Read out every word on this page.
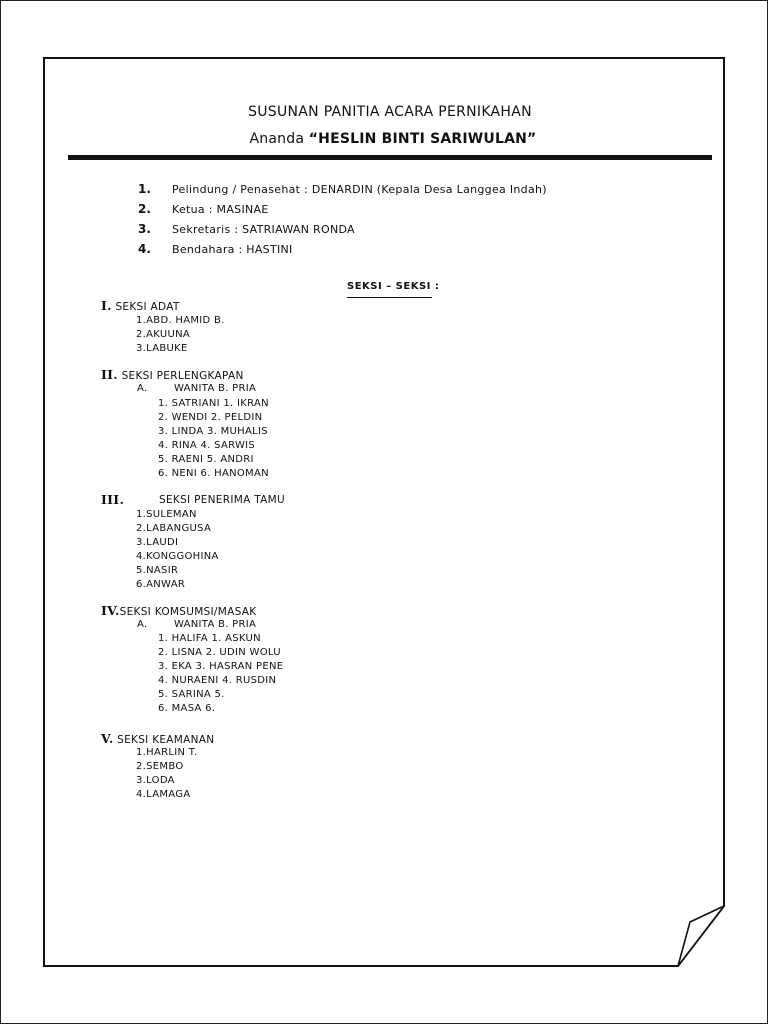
SUSUNAN PANITIA ACARA PERNIKAHAN
Ananda “HESLIN BINTI SARIWULAN”
1. Pelindung / Penasehat : DENARDIN (Kepala Desa Langgea Indah)
2. Ketua : MASINAE
3. Sekretaris : SATRIAWAN RONDA
4. Bendahara : HASTINI
SEKSI – SEKSI :
I. SEKSI ADAT
1.ABD. HAMID B.
2.AKUUNA
3.LABUKE
II. SEKSI PERLENGKAPAN
A.	WANITA B. PRIA
1. SATRIANI 1. IKRAN
2. WENDI 2. PELDIN
3. LINDA 3. MUHALIS
4. RINA 4. SARWIS
5. RAENI 5. ANDRI
6. NENI 6. HANOMAN
III.	SEKSI PENERIMA TAMU
1.SULEMAN
2.LABANGUSA
3.LAUDI
4.KONGGOHINA
5.NASIR
6.ANWAR
IV.SEKSI KOMSUMSI/MASAK
A.	WANITA B. PRIA
1. HALIFA 1. ASKUN
2. LISNA 2. UDIN WOLU
3. EKA 3. HASRAN PENE
4. NURAENI 4. RUSDIN
5. SARINA 5.
6. MASA 6.
V. SEKSI KEAMANAN
1.HARLIN T.
2.SEMBO
3.LODA
4.LAMAGA
